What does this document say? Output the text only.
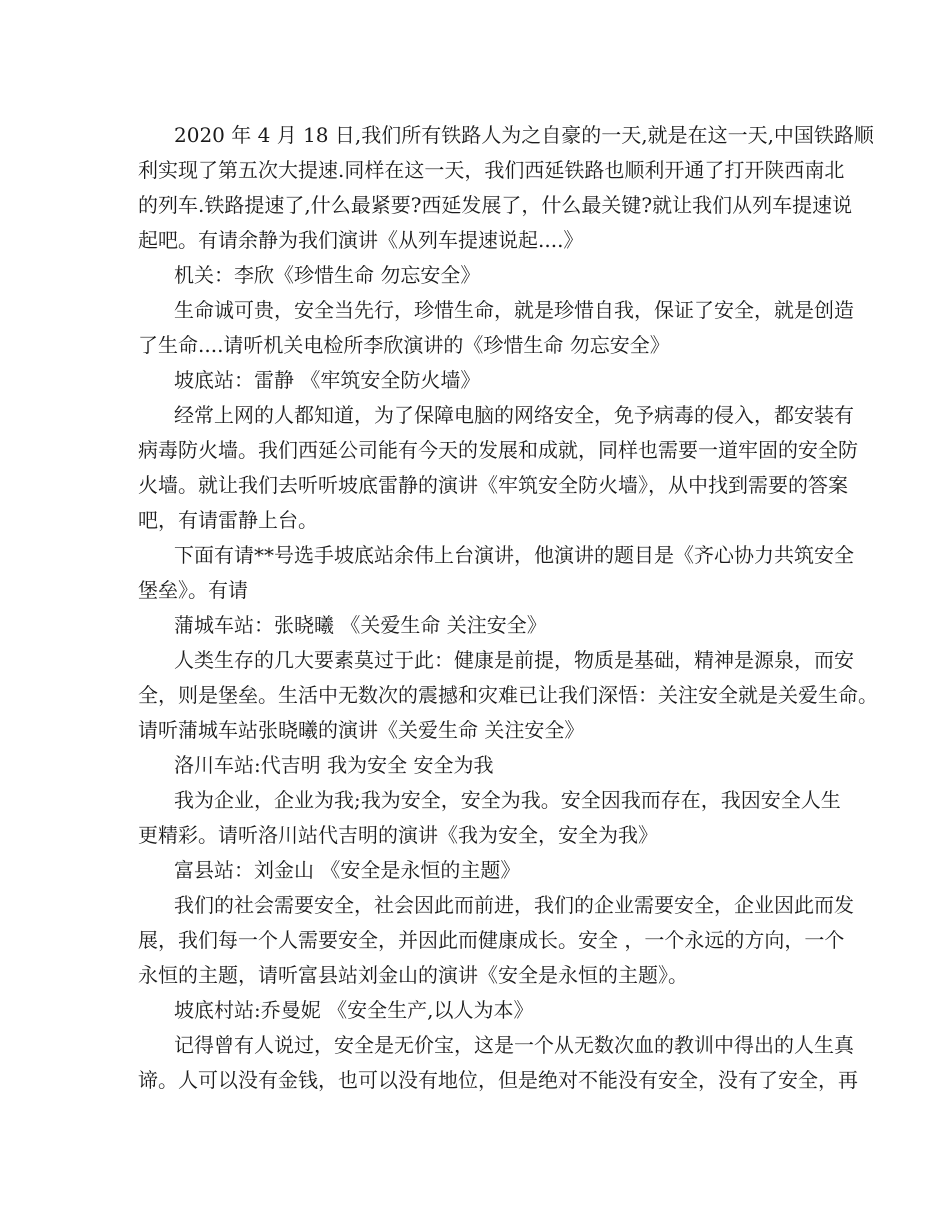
2020 年 4 月 18 日,我们所有铁路人为之自豪的一天,就是在这一天,中国铁路顺

利实现了第五次大提速.同样在这一天，我们西延铁路也顺利开通了打开陕西南北

的列车.铁路提速了,什么最紧要?西延发展了，什么最关键?就让我们从列车提速说

起吧。有请余静为我们演讲《从列车提速说起....》

机关：李欣《珍惜生命 勿忘安全》

生命诚可贵，安全当先行，珍惜生命，就是珍惜自我，保证了安全，就是创造

了生命....请听机关电检所李欣演讲的《珍惜生命 勿忘安全》

坡底站：雷静 《牢筑安全防火墙》

经常上网的人都知道，为了保障电脑的网络安全，免予病毒的侵入，都安装有

病毒防火墙。我们西延公司能有今天的发展和成就，同样也需要一道牢固的安全防

火墙。就让我们去听听坡底雷静的演讲《牢筑安全防火墙》，从中找到需要的答案

吧，有请雷静上台。

下面有请**号选手坡底站余伟上台演讲，他演讲的题目是《齐心协力共筑安全

堡垒》。有请

蒲城车站：张晓曦 《关爱生命 关注安全》

人类生存的几大要素莫过于此：健康是前提，物质是基础，精神是源泉，而安

全，则是堡垒。生活中无数次的震撼和灾难已让我们深悟：关注安全就是关爱生命。

请听蒲城车站张晓曦的演讲《关爱生命 关注安全》

洛川车站:代吉明 我为安全 安全为我

我为企业，企业为我;我为安全，安全为我。安全因我而存在，我因安全人生

更精彩。请听洛川站代吉明的演讲《我为安全，安全为我》

富县站：刘金山 《安全是永恒的主题》

我们的社会需要安全，社会因此而前进，我们的企业需要安全，企业因此而发

展，我们每一个人需要安全，并因此而健康成长。安全 ，一个永远的方向，一个

永恒的主题，请听富县站刘金山的演讲《安全是永恒的主题》。

坡底村站:乔曼妮 《安全生产,以人为本》

记得曾有人说过，安全是无价宝，这是一个从无数次血的教训中得出的人生真

谛。人可以没有金钱，也可以没有地位，但是绝对不能没有安全，没有了安全，再
